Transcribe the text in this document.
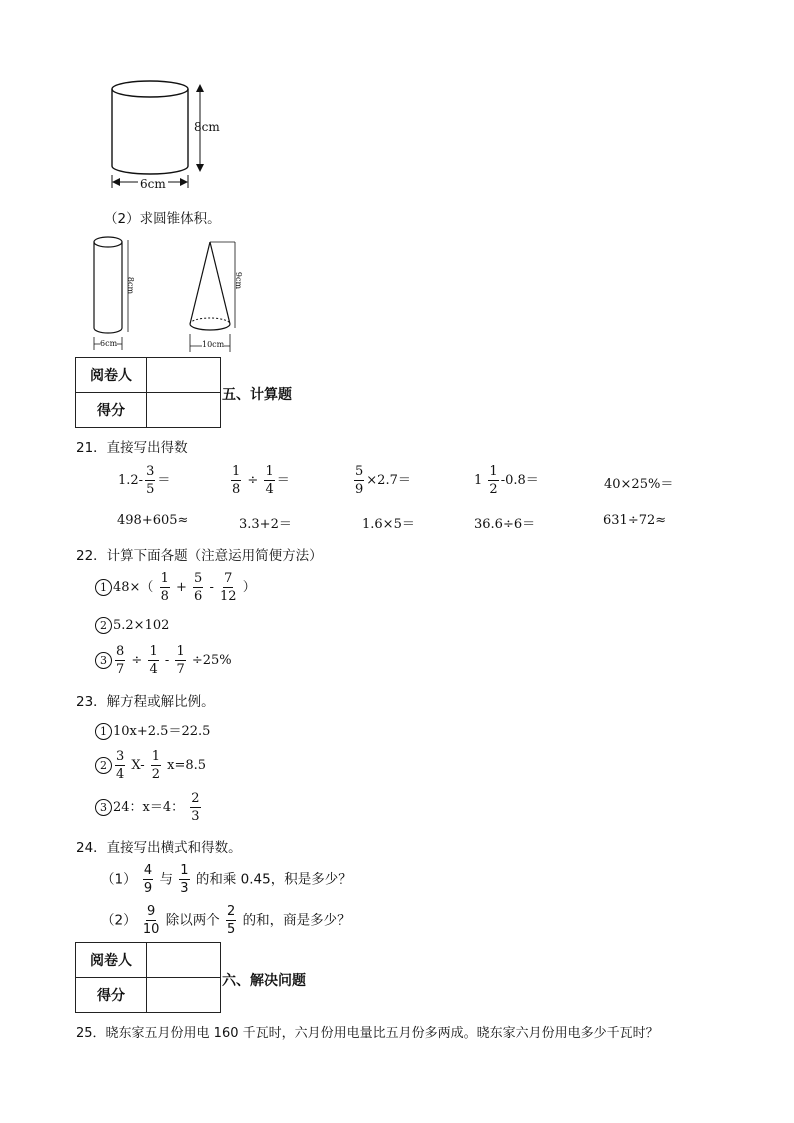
8cm
6cm
（2）求圆锥体积。
8cm
6cm
9cm
10cm
阅卷人	
得分	
五、计算题
21．直接写出得数
$1.2- \frac{3}{5}$ ＝	$\frac{1}{8} \div \frac{1}{4}$ ＝	$\frac{5}{9} \times 2.7=$	$1 \frac{1}{2} -0.8=$	40×25%＝
498+605≈	3.3+2＝	1.6×5＝	36.6÷6＝	631÷72≈
22．计算下面各题（注意运用简便方法）
1 $48\times( \frac{1}{8} + \frac{5}{6} - \frac{7}{12}$ ）
2 5.2×102
$3 \frac{8}{7} \div \frac{1}{4} - \frac{1}{7} \div 25\%$
23．解方程或解比例。
1 10x+2.5＝22.5
$2 \frac{3}{4} X- \frac{1}{2} x=8.5$
3 24：x＝4： $\frac{2}{3}$
24．直接写出横式和得数。
$(1) \frac{4}{9}$ 与 $\frac{1}{3}$ 的和乘 0.45，积是多少？
$(2) \frac{9}{10}$ 除以两个 $\frac{2}{5}$ 的和，商是多少？
阅卷人	
得分	
六、解决问题
25．晓东家五月份用电 160 千瓦时，六月份用电量比五月份多两成。晓东家六月份用电多少千瓦时？
